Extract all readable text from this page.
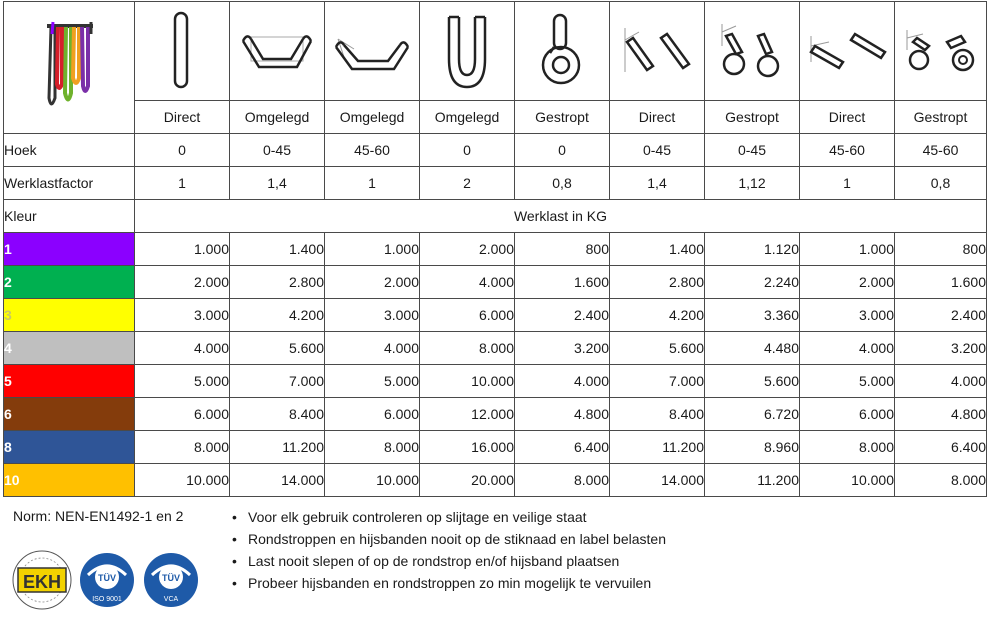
	Direct	Omgelegd	Omgelegd	Omgelegd	Gestropt	Direct	Gestropt	Direct	Gestropt
Hoek	0	0-45	45-60	0	0	0-45	0-45	45-60	45-60
Werklastfactor	1	1,4	1	2	0,8	1,4	1,12	1	0,8
Kleur	Werklast in KG								
1	1.000	1.400	1.000	2.000	800	1.400	1.120	1.000	800
2	2.000	2.800	2.000	4.000	1.600	2.800	2.240	2.000	1.600
3	3.000	4.200	3.000	6.000	2.400	4.200	3.360	3.000	2.400
4	4.000	5.600	4.000	8.000	3.200	5.600	4.480	4.000	3.200
5	5.000	7.000	5.000	10.000	4.000	7.000	5.600	5.000	4.000
6	6.000	8.400	6.000	12.000	4.800	8.400	6.720	6.000	4.800
8	8.000	11.200	8.000	16.000	6.400	11.200	8.960	8.000	6.400
10	10.000	14.000	10.000	20.000	8.000	14.000	11.200	10.000	8.000
Norm: NEN-EN1492-1 en 2	• Voor elk gebruik controleren op slijtage en veilige staat
• Rondstroppen en hijsbanden nooit op de stiknaad en label belasten
• Last nooit slepen of op de rondstrop en/of hijsband plaatsen
• Probeer hijsbanden en rondstroppen zo min mogelijk te vervuilen
EKH	TÜV
ISO 9001
TÜV
VCA
